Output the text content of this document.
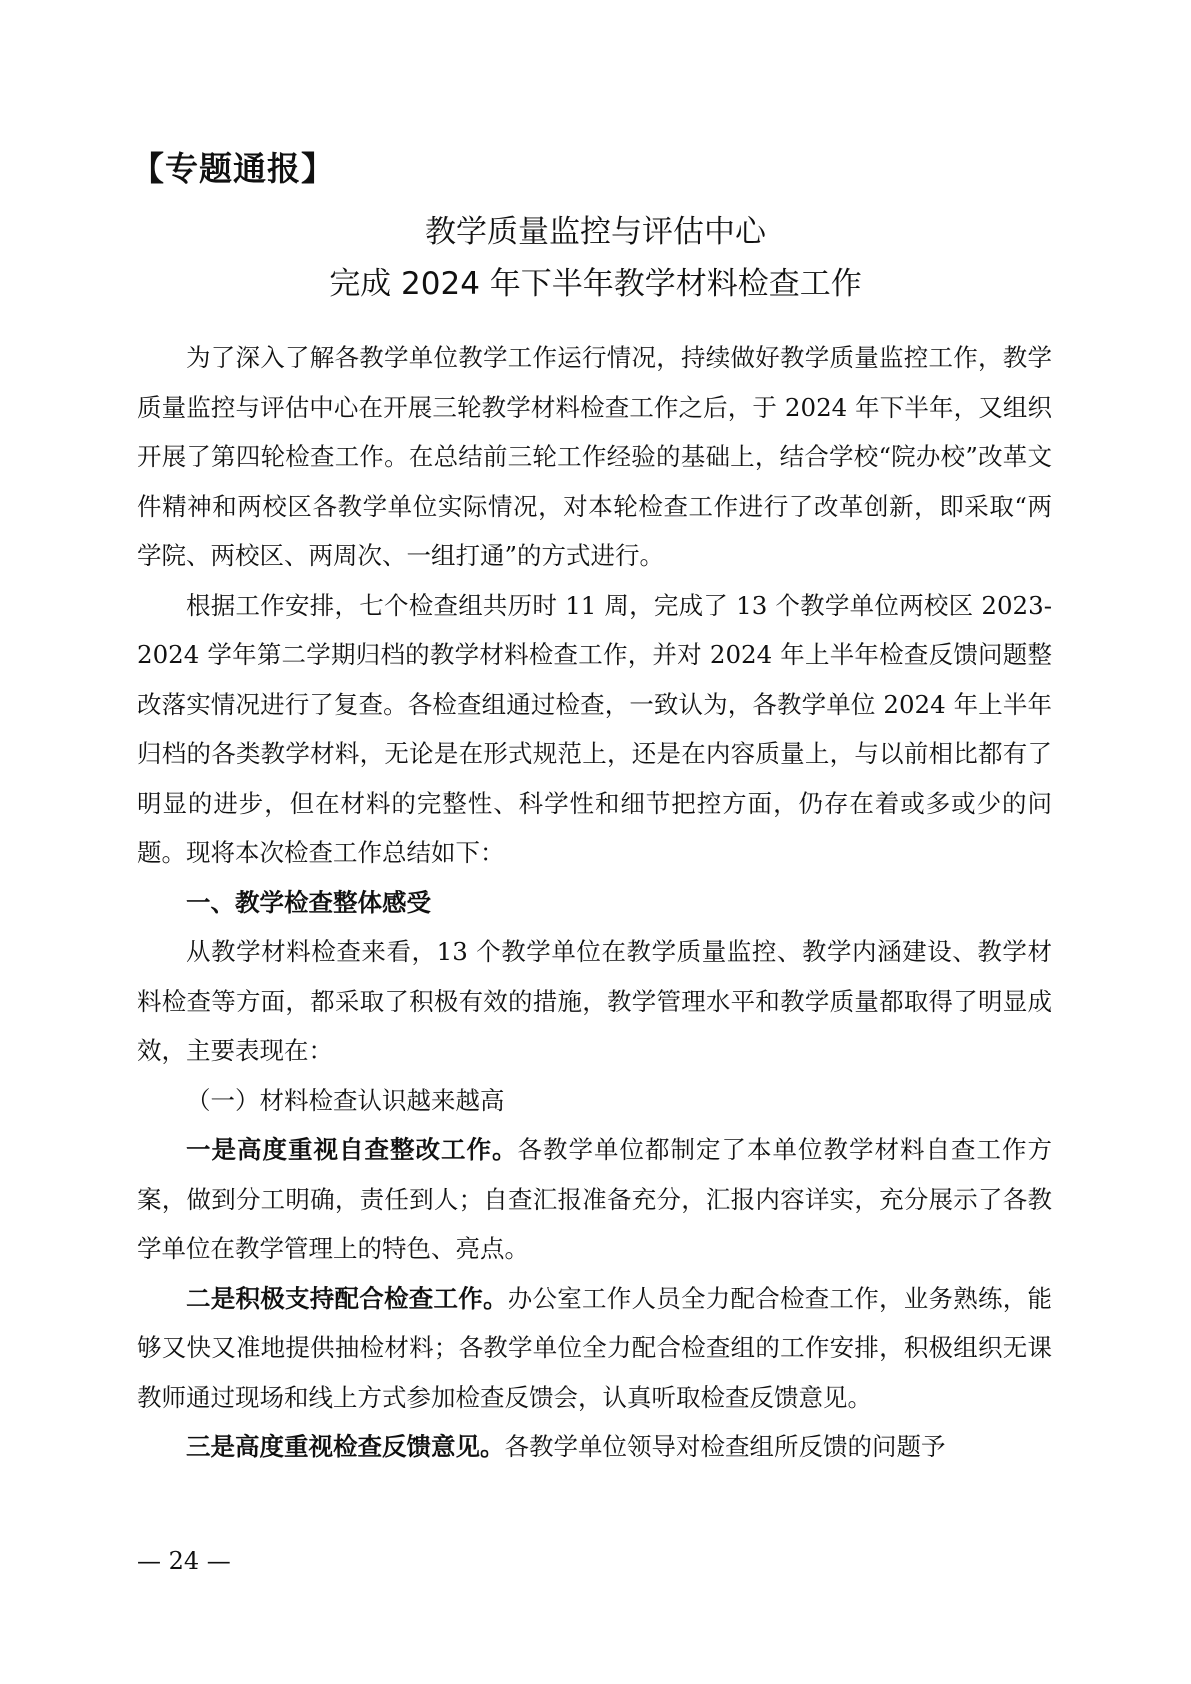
【专题通报】
教学质量监控与评估中心
完成 2024 年下半年教学材料检查工作

为了深入了解各教学单位教学工作运行情况，持续做好教学质量监控工作，教学质量监控与评估中心在开展三轮教学材料检查工作之后，于 2024 年下半年，又组织开展了第四轮检查工作。在总结前三轮工作经验的基础上，结合学校“院办校”改革文件精神和两校区各教学单位实际情况，对本轮检查工作进行了改革创新，即采取“两学院、两校区、两周次、一组打通”的方式进行。

根据工作安排，七个检查组共历时 11 周，完成了 13 个教学单位两校区 2023-2024 学年第二学期归档的教学材料检查工作，并对 2024 年上半年检查反馈问题整改落实情况进行了复查。各检查组通过检查，一致认为，各教学单位 2024 年上半年归档的各类教学材料，无论是在形式规范上，还是在内容质量上，与以前相比都有了明显的进步，但在材料的完整性、科学性和细节把控方面，仍存在着或多或少的问题。现将本次检查工作总结如下：

一、教学检查整体感受

从教学材料检查来看，13 个教学单位在教学质量监控、教学内涵建设、教学材料检查等方面，都采取了积极有效的措施，教学管理水平和教学质量都取得了明显成效，主要表现在：

（一）材料检查认识越来越高

一是高度重视自查整改工作。各教学单位都制定了本单位教学材料自查工作方案，做到分工明确，责任到人；自查汇报准备充分，汇报内容详实，充分展示了各教学单位在教学管理上的特色、亮点。

二是积极支持配合检查工作。办公室工作人员全力配合检查工作，业务熟练，能够又快又准地提供抽检材料；各教学单位全力配合检查组的工作安排，积极组织无课教师通过现场和线上方式参加检查反馈会，认真听取检查反馈意见。

三是高度重视检查反馈意见。各教学单位领导对检查组所反馈的问题予

— 24 —
